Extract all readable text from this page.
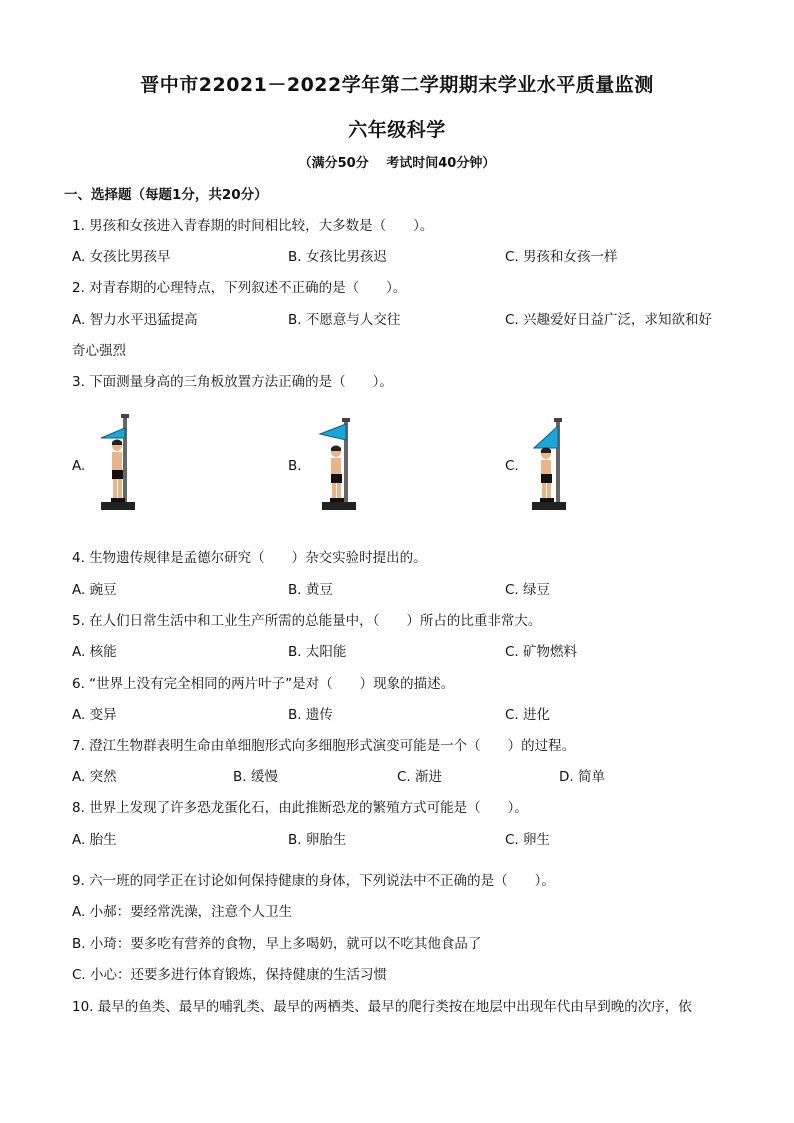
晋中市22021－2022学年第二学期期末学业水平质量监测
六年级科学
（满分50分　 考试时间40分钟）
一、选择题（每题1分，共20分）
1. 男孩和女孩进入青春期的时间相比较，大多数是（　　）。
A. 女孩比男孩早	B. 女孩比男孩迟	C. 男孩和女孩一样
2. 对青春期的心理特点，下列叙述不正确的是（　　）。
A. 智力水平迅猛提高	B. 不愿意与人交往	C. 兴趣爱好日益广泛，求知欲和好
奇心强烈
3. 下面测量身高的三角板放置方法正确的是（　　）。
A.	B.	C.
4. 生物遗传规律是孟德尔研究（　　）杂交实验时提出的。
A. 豌豆	B. 黄豆	C. 绿豆
5. 在人们日常生活中和工业生产所需的总能量中，（　　）所占的比重非常大。
A. 核能	B. 太阳能	C. 矿物燃料
6. “世界上没有完全相同的两片叶子”是对（　　）现象的描述。
A. 变异	B. 遗传	C. 进化
7. 澄江生物群表明生命由单细胞形式向多细胞形式演变可能是一个（　　）的过程。
A. 突然	B. 缓慢	C. 渐进	D. 简单
8. 世界上发现了许多恐龙蛋化石，由此推断恐龙的繁殖方式可能是（　　）。
A. 胎生	B. 卵胎生	C. 卵生
9. 六一班的同学正在讨论如何保持健康的身体，下列说法中不正确的是（　　）。
A. 小郝：要经常洗澡，注意个人卫生
B. 小琦：要多吃有营养的食物，早上多喝奶，就可以不吃其他食品了
C. 小心：还要多进行体育锻炼，保持健康的生活习惯
10. 最早的鱼类、最早的哺乳类、最早的两栖类、最早的爬行类按在地层中出现年代由早到晚的次序，依
